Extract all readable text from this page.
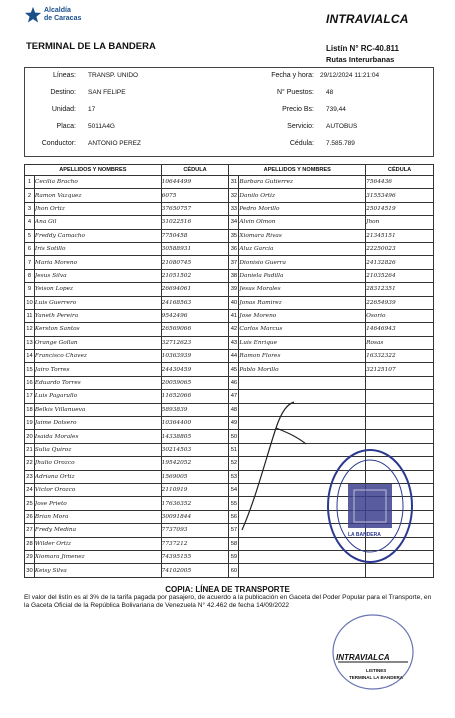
Alcaldía
de Caracas	INTRAVIALCA
TERMINAL DE LA BANDERA	Listín N° RC-40.811
Rutas Interurbanas
Líneas: TRANSP. UNIDO
Destino: SAN FELIPE
Unidad: 17
Placa: 5011A4G
Conductor: ANTONIO PEREZ
Fecha y hora: 29/12/2024 11:21:04
N° Puestos: 48
Precio Bs: 739,44
Servicio: AUTOBUS
Cédula: 7.585.789
APELLIDOS Y NOMBRES		CÉDULA	APELLIDOS Y NOMBRES		CÉDULA
1	Cecilia Bracho	10644499	31	Barbara Gutierrez	7564436
2	Ramon Vazquez	6075	32	Danilo Ortiz	31553496
3	Jhon Ortiz	37650757	33	Pedro Morillo	25014519
4	Ana Gil	31022516	34	Alvin Olmon	Jhon
5	Freddy Camacho	7750458	35	Xiomara Rivas	21345151
6	Iris Sotillo	30588931	36	Aluz Garcia	22250023
7	Maria Moreno	21080745	37	Dionisio Guerra	24132826
8	Jesus Silva	21051502	38	Daniela Padilla	21035264
9	Yeison Lopez	26694061	39	Jesus Morales	28312351
10	Luis Guerrero	24168563	40	Jonas Ramirez	22654939
11	Yaneth Pereira	9542496	41	Jose Moreno	Osorio
12	Kerston Santos	26569066	42	Carlos Marcus	14646943
13	Orange Gollan	32712623	43	Luis Enrique	Rosas
14	Francisco Chavez	10363939	44	Ramon Flores	16332322
15	Jairo Torres	24430459	45	Pablo Morillo	32125107
16	Eduardo Torres	20059065	46		
17	Luis Pagarullo	11652066	47		
18	Belkis Villanueva	5893839	48		
19	Jaime Dotsero	10364400	49		
20	Isaida Morales	14338805	50		
21	Sulia Quiroz	30214503	51		
22	Jhulio Orozco	19542052	52		
23	Adriana Ortiz	1569005	53		
24	Victor Orozco	2110919	54		
25	Jose Prieto	17636352	55		
26	Brian Mora	30091844	56		
27	Fredy Medina	7737093	57		
28	Wilder Ortiz	7737212	58		
29	Xiomara Jimenez	74395155	59		
30	Keisy Silva	74102005	60		
LA BANDERA
COPIA: LÍNEA DE TRANSPORTE
El valor del listín es al 3% de la tarifa pagada por pasajero, de acuerdo a la publicación en Gaceta del Poder Popular para el Transporte, en la Gaceta Oficial de la República Bolivariana de Venezuela N° 42.462 de fecha 14/09/2022
INTRAVIALCA
LISTINES
TERMINAL LA BANDERA
